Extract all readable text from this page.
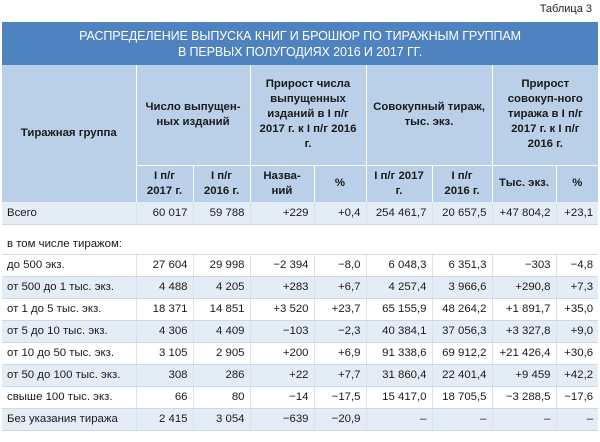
Таблица 3
РАСПРЕДЕЛЕНИЕ ВЫПУСКА КНИГ И БРОШЮР ПО ТИРАЖНЫМ ГРУППАМ
В ПЕРВЫХ ПОЛУГОДИЯХ 2016 И 2017 ГГ.								

Тиражная группа	Число выпущен-ных изданий		Прирост числа выпущенных изданий в I п/г 2017 г. к I п/г 2016 г.		Совокупный тираж, тыс. экз.		Прирост совокуп-ного тиража в I п/г 2017 г. к I п/г 2016 г.	
	I п/г 2017 г.	I п/г 2016 г.	Назва-ний	%	I п/г 2017 г.	I п/г 2016 г.	Тыс. экз.	%
Всего	60 017	59 788	+229	+0,4	254 461,7	20 657,5	+47 804,2	+23,1

в том числе тиражом:								
до 500 экз.	27 604	29 998	−2 394	−8,0	6 048,3	6 351,3	−303	−4,8
от 500 до 1 тыс. экз.	4 488	4 205	+283	+6,7	4 257,4	3 966,6	+290,8	+7,3
от 1 до 5 тыс. экз.	18 371	14 851	+3 520	+23,7	65 155,9	48 264,2	+1 891,7	+35,0
от 5 до 10 тыс. экз.	4 306	4 409	−103	−2,3	40 384,1	37 056,3	+3 327,8	+9,0
от 10 до 50 тыс. экз.	3 105	2 905	+200	+6,9	91 338,6	69 912,2	+21 426,4	+30,6
от 50 до 100 тыс. экз.	308	286	+22	+7,7	31 860,4	22 401,4	+9 459	+42,2
свыше 100 тыс. экз.	66	80	−14	−17,5	15 417,0	18 705,5	−3 288,5	−17,6
Без указания тиража	2 415	3 054	−639	−20,9	–	–	–	–
